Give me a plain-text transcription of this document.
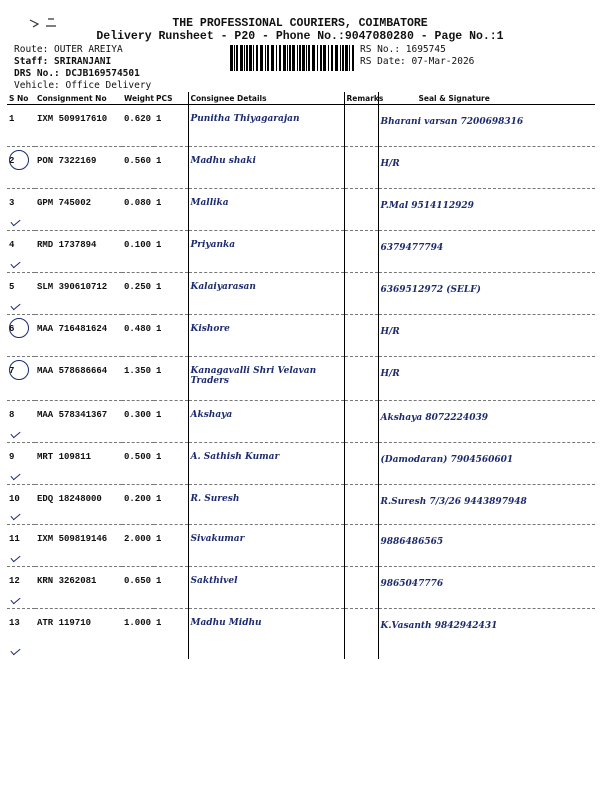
THE PROFESSIONAL COURIERS, COIMBATORE
Delivery Runsheet - P20 - Phone No.:9047080280 - Page No.:1
Route: OUTER AREIYA
Staff: SRIRANJANI
DRS No.: DCJB169574501
Vehicle: Office Delivery
RS No.: 1695745
RS Date: 07-Mar-2026
S No	Consignment No	Weight	PCS	Consignee Details	Remarks	Seal & Signature
1	IXM 509917610	0.620	1	Punitha Thiyagarajan		Bharani varsan 7200698316

2	PON 7322169	0.560	1	Madhu shaki		H/R

3	GPM 745002	0.080	1	Mallika		P.Mal 9514112929

4	RMD 1737894	0.100	1	Priyanka		6379477794

5	SLM 390610712	0.250	1	Kalaiyarasan		6369512972 (SELF)

6	MAA 716481624	0.480	1	Kishore		H/R

7	MAA 578686664	1.350	1	Kanagavalli Shri Velavan Traders		H/R

8	MAA 578341367	0.300	1	Akshaya		Akshaya 8072224039

9	MRT 109811	0.500	1	A. Sathish Kumar		(Damodaran) 7904560601

10	EDQ 18248000	0.200	1	R. Suresh		R.Suresh 7/3/26 9443897948

11	IXM 509819146	2.000	1	Sivakumar		9886486565

12	KRN 3262081	0.650	1	Sakthivel		9865047776

13	ATR 119710	1.000	1	Madhu Midhu		K.Vasanth 9842942431
